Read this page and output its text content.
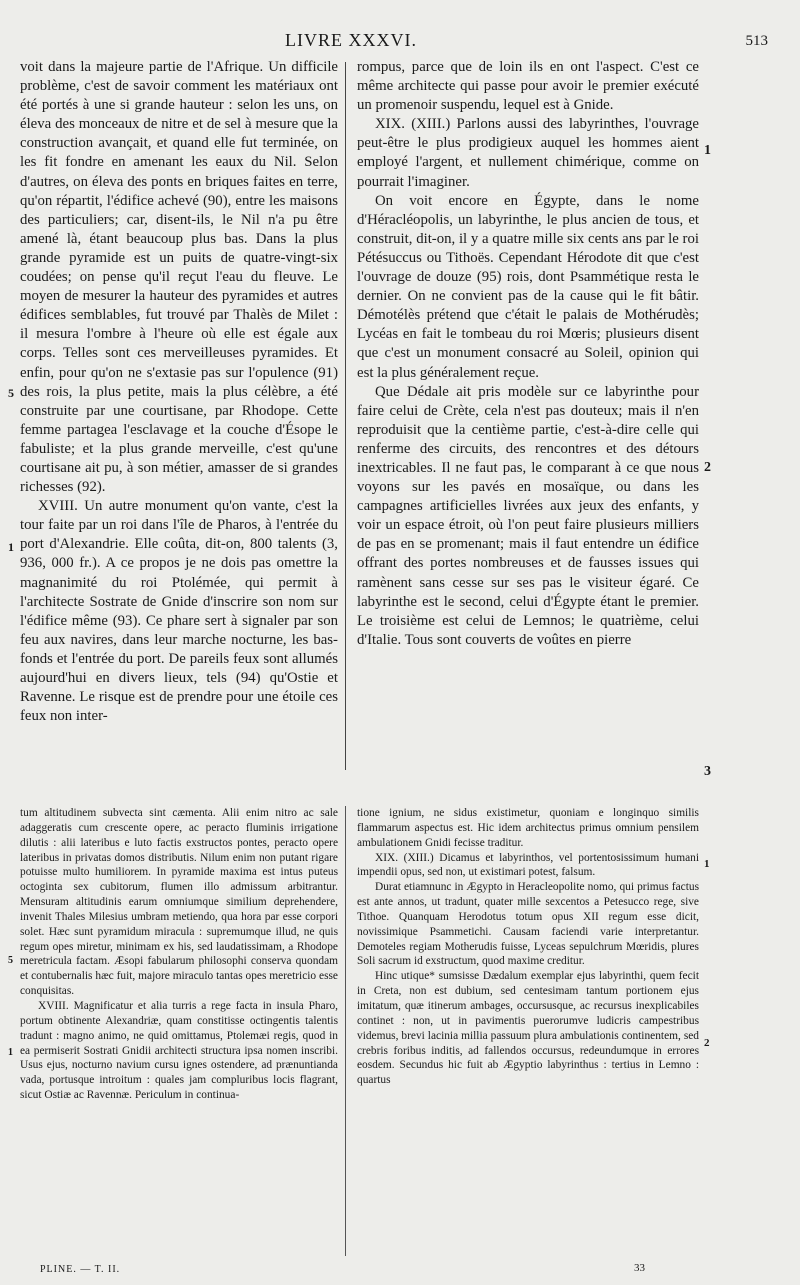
LIVRE XXXVI.	513

voit dans la majeure partie de l'Afrique. Un difficile problème, c'est de savoir comment les matériaux ont été portés à une si grande hauteur : selon les uns, on éleva des monceaux de nitre et de sel à mesure que la construction avançait, et quand elle fut terminée, on les fit fondre en amenant les eaux du Nil. Selon d'autres, on éleva des ponts en briques faites en terre, qu'on répartit, l'édifice achevé (90), entre les maisons des particuliers; car, disent-ils, le Nil n'a pu être amené là, étant beaucoup plus bas. Dans la plus grande pyramide est un puits de quatre-vingt-six coudées; on pense qu'il reçut l'eau du fleuve. Le moyen de mesurer la hauteur des pyramides et autres édifices semblables, fut trouvé par Thalès de Milet : il mesura l'ombre à l'heure où elle est égale aux corps. Telles sont ces merveilleuses pyramides. Et enfin, pour qu'on ne s'extasie pas sur l'opulence (91) des rois, la plus petite, mais la plus célèbre, a été construite par une courtisane, par Rhodope. Cette femme partagea l'esclavage et la couche d'Ésope le fabuliste; et la plus grande merveille, c'est qu'une courtisane ait pu, à son métier, amasser de si grandes richesses (92).

XVIII. Un autre monument qu'on vante, c'est la tour faite par un roi dans l'île de Pharos, à l'entrée du port d'Alexandrie. Elle coûta, dit-on, 800 talents (3, 936, 000 fr.). A ce propos je ne dois pas omettre la magnanimité du roi Ptolémée, qui permit à l'architecte Sostrate de Gnide d'inscrire son nom sur l'édifice même (93). Ce phare sert à signaler par son feu aux navires, dans leur marche nocturne, les bas-fonds et l'entrée du port. De pareils feux sont allumés aujourd'hui en divers lieux, tels (94) qu'Ostie et Ravenne. Le risque est de prendre pour une étoile ces feux non inter-

rompus, parce que de loin ils en ont l'aspect. C'est ce même architecte qui passe pour avoir le premier exécuté un promenoir suspendu, lequel est à Gnide.

XIX. (XIII.) Parlons aussi des labyrinthes, l'ouvrage peut-être le plus prodigieux auquel les hommes aient employé l'argent, et nullement chimérique, comme on pourrait l'imaginer.

On voit encore en Égypte, dans le nome d'Héracléopolis, un labyrinthe, le plus ancien de tous, et construit, dit-on, il y a quatre mille six cents ans par le roi Pétésuccus ou Tithoës. Cependant Hérodote dit que c'est l'ouvrage de douze (95) rois, dont Psammétique resta le dernier. On ne convient pas de la cause qui le fit bâtir. Démotélès prétend que c'était le palais de Mothérudès; Lycéas en fait le tombeau du roi Mœris; plusieurs disent que c'est un monument consacré au Soleil, opinion qui est la plus généralement reçue.

Que Dédale ait pris modèle sur ce labyrinthe pour faire celui de Crète, cela n'est pas douteux; mais il n'en reproduisit que la centième partie, c'est-à-dire celle qui renferme des circuits, des rencontres et des détours inextricables. Il ne faut pas, le comparant à ce que nous voyons sur les pavés en mosaïque, ou dans les campagnes artificielles livrées aux jeux des enfants, y voir un espace étroit, où l'on peut faire plusieurs milliers de pas en se promenant; mais il faut entendre un édifice offrant des portes nombreuses et de fausses issues qui ramènent sans cesse sur ses pas le visiteur égaré. Ce labyrinthe est le second, celui d'Égypte étant le premier. Le troisième est celui de Lemnos; le quatrième, celui d'Italie. Tous sont couverts de voûtes en pierre

5
1
1
2
3

tum altitudinem subvecta sint cæmenta. Alii enim nitro ac sale adaggeratis cum crescente opere, ac peracto fluminis irrigatione dilutis : alii lateribus e luto factis exstructos pontes, peracto opere lateribus in privatas domos distributis. Nilum enim non putant rigare potuisse multo humiliorem. In pyramide maxima est intus puteus octoginta sex cubitorum, flumen illo admissum arbitrantur. Mensuram altitudinis earum omniumque similium deprehendere, invenit Thales Milesius umbram metiendo, qua hora par esse corpori solet. Hæc sunt pyramidum miracula : supremumque illud, ne quis regum opes miretur, minimam ex his, sed laudatissimam, a Rhodope meretricula factam. Æsopi fabularum philosophi conserva quondam et contubernalis hæc fuit, majore miraculo tantas opes meretricio esse conquisitas.

XVIII. Magnificatur et alia turris a rege facta in insula Pharo, portum obtinente Alexandriæ, quam constitisse octingentis talentis tradunt : magno animo, ne quid omittamus, Ptolemæi regis, quod in ea permiserit Sostrati Gnidii architecti structura ipsa nomen inscribi. Usus ejus, nocturno navium cursu ignes ostendere, ad prænuntianda vada, portusque introitum : quales jam compluribus locis flagrant, sicut Ostiæ ac Ravennæ. Periculum in continua-

tione ignium, ne sidus existimetur, quoniam e longinquo similis flammarum aspectus est. Hic idem architectus primus omnium pensilem ambulationem Gnidi fecisse traditur.

XIX. (XIII.) Dicamus et labyrinthos, vel portentosissimum humani impendii opus, sed non, ut existimari potest, falsum.

Durat etiamnunc in Ægypto in Heracleopolite nomo, qui primus factus est ante annos, ut tradunt, quater mille sexcentos a Petesucco rege, sive Tithoe. Quanquam Herodotus totum opus XII regum esse dicit, novissimique Psammetichi. Causam faciendi varie interpretantur. Demoteles regiam Motherudis fuisse, Lyceas sepulchrum Mœridis, plures Soli sacrum id exstructum, quod maxime creditur.

Hinc utique* sumsisse Dædalum exemplar ejus labyrinthi, quem fecit in Creta, non est dubium, sed centesimam tantum portionem ejus imitatum, quæ itinerum ambages, occursusque, ac recursus inexplicabiles continet : non, ut in pavimentis puerorumve ludicris campestribus videmus, brevi lacinia millia passuum plura ambulationis continentem, sed crebris foribus inditis, ad fallendos occursus, redeundumque in errores eosdem. Secundus hic fuit ab Ægyptio labyrinthus : tertius in Lemno : quartus

5
1
1
2
PLINE. — T. II.	33
